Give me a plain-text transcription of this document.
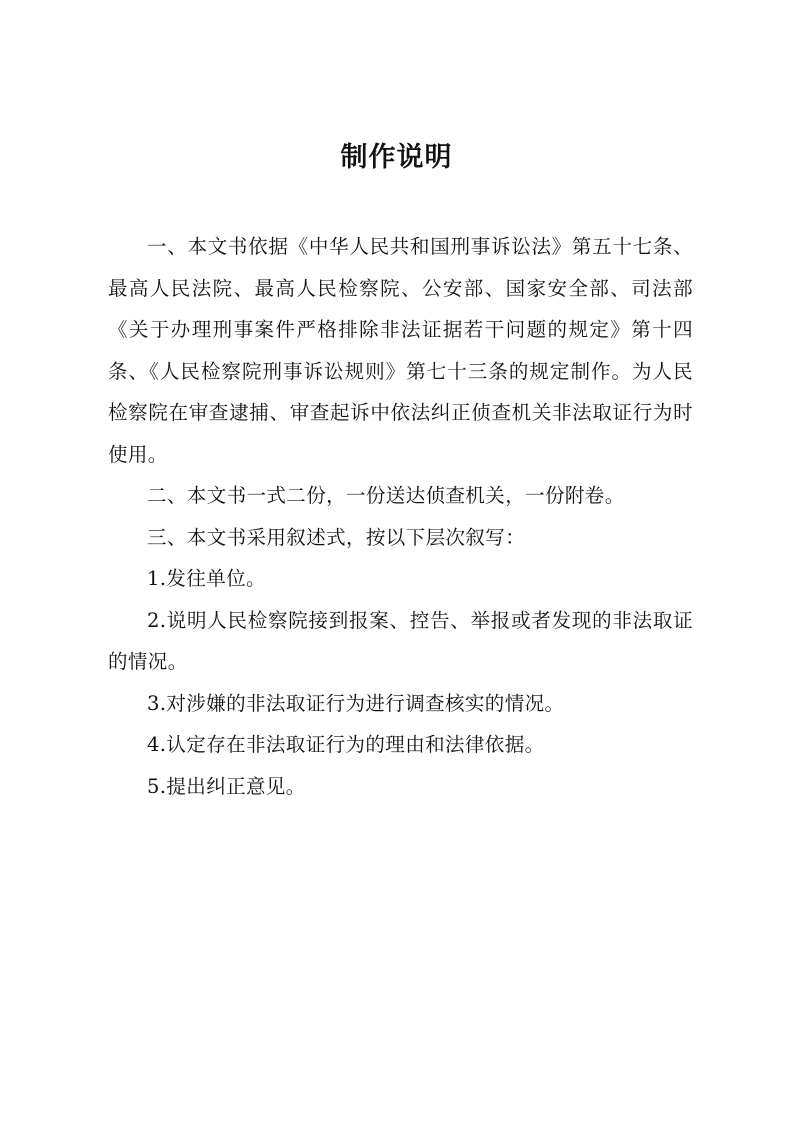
制作说明

一、本文书依据《中华人民共和国刑事诉讼法》第五十七条、最高人民法院、最高人民检察院、公安部、国家安全部、司法部《关于办理刑事案件严格排除非法证据若干问题的规定》第十四条、《人民检察院刑事诉讼规则》第七十三条的规定制作。为人民检察院在审查逮捕、审查起诉中依法纠正侦查机关非法取证行为时使用。

二、本文书一式二份，一份送达侦查机关，一份附卷。

三、本文书采用叙述式，按以下层次叙写：

1.发往单位。

2.说明人民检察院接到报案、控告、举报或者发现的非法取证的情况。

3.对涉嫌的非法取证行为进行调查核实的情况。

4.认定存在非法取证行为的理由和法律依据。

5.提出纠正意见。
